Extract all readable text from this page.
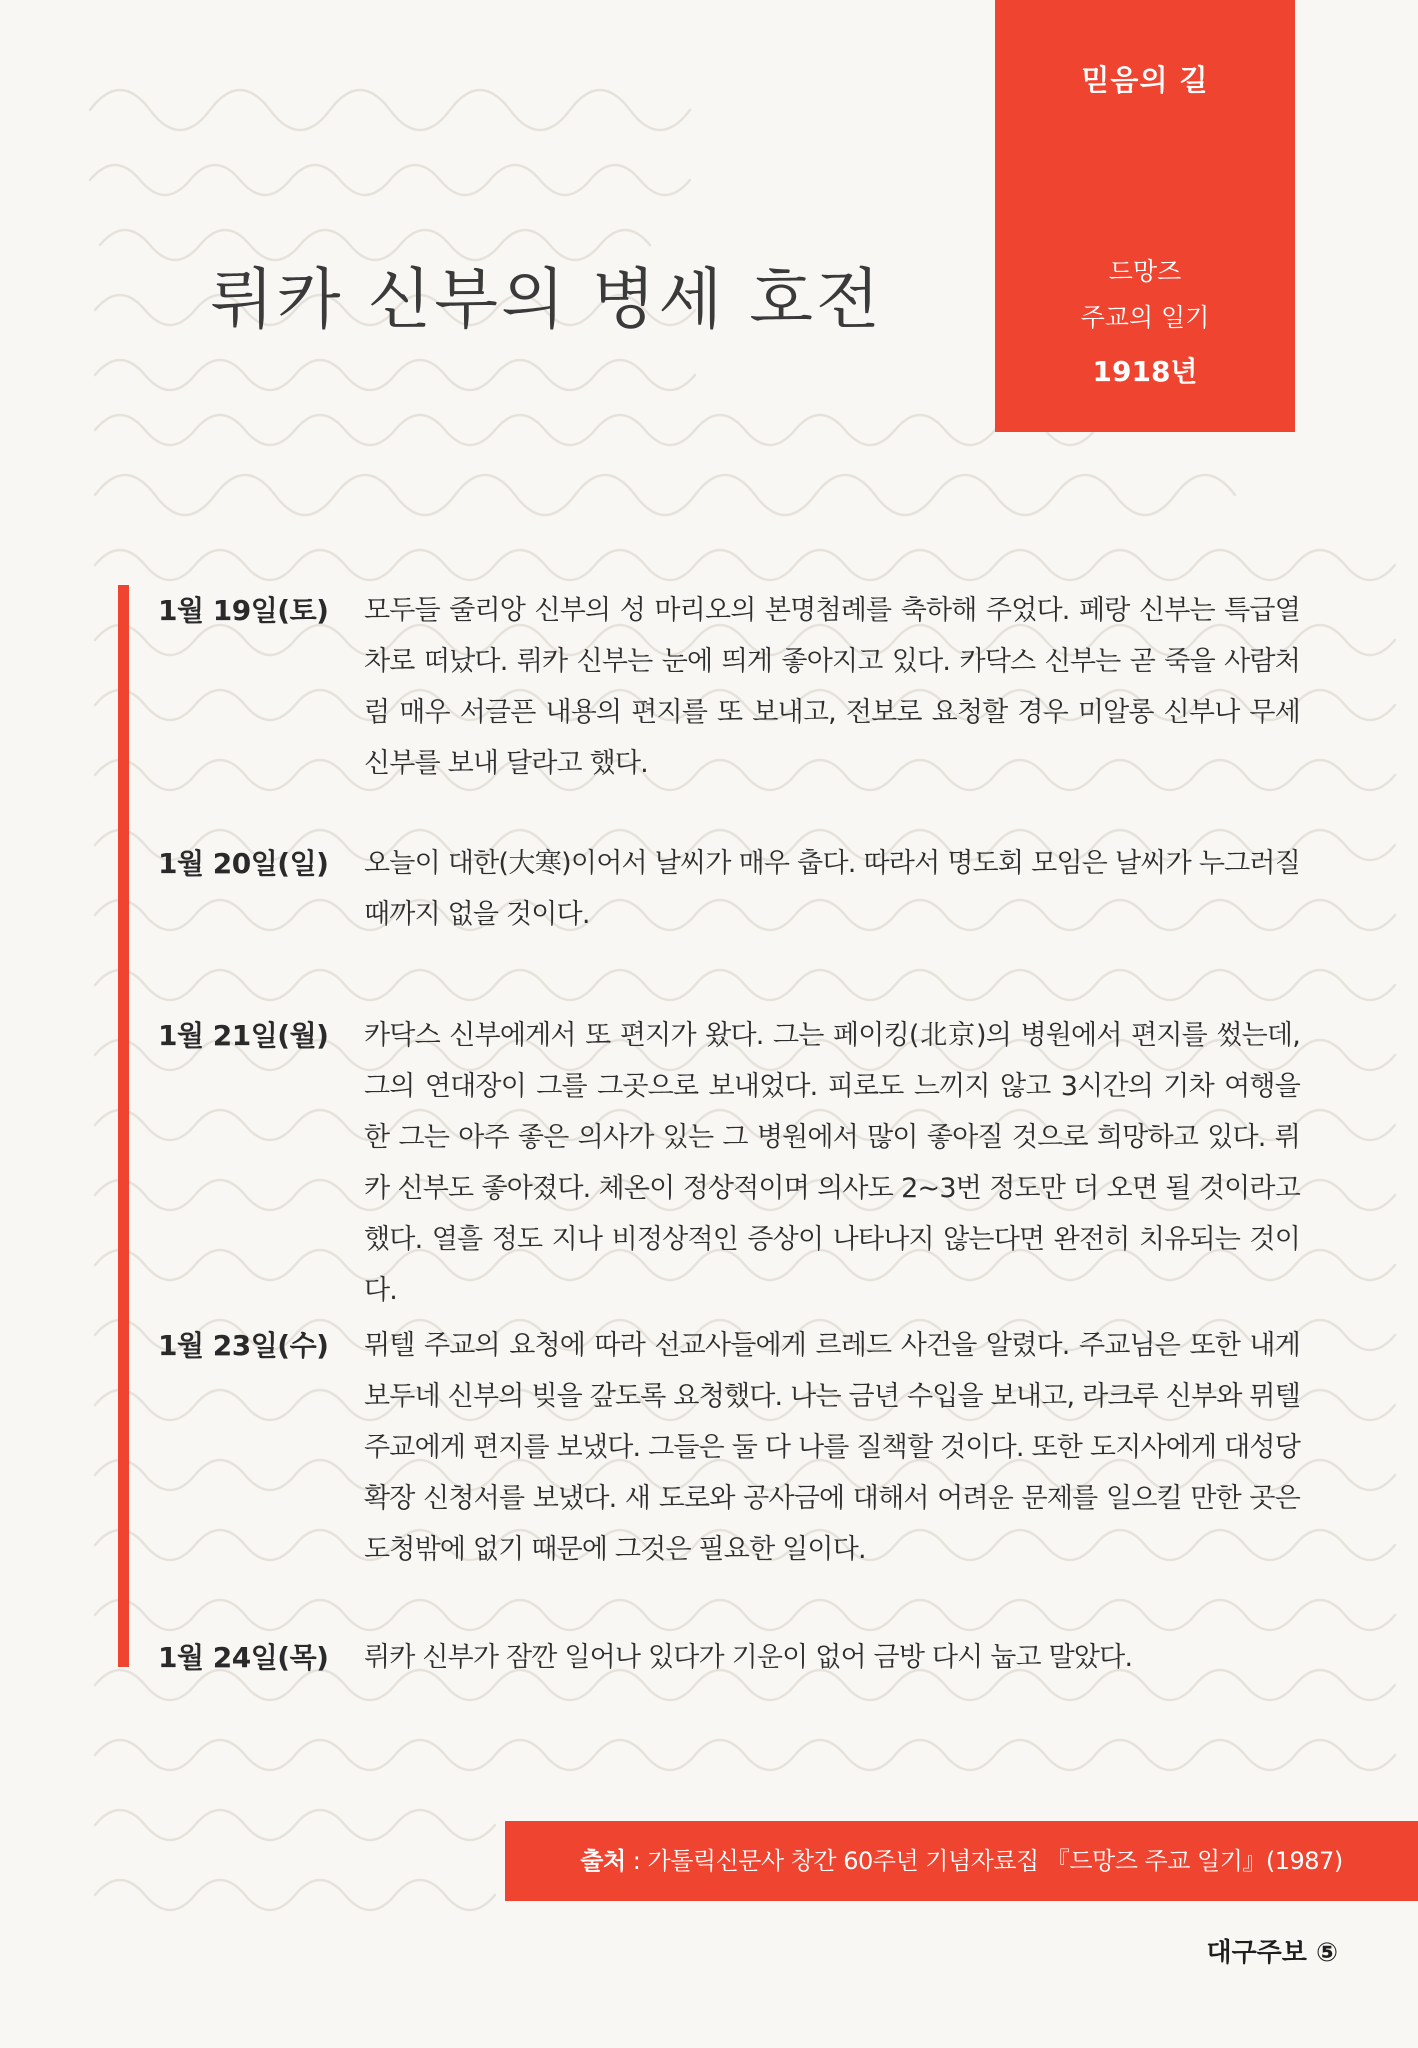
믿음의 길
드망즈
주교의 일기
1918년
뤼카 신부의 병세 호전
1월 19일(토)	모두들 줄리앙 신부의 성 마리오의 본명첨례를 축하해 주었다. 페랑 신부는 특급열차로 떠났다. 뤼카 신부는 눈에 띄게 좋아지고 있다. 카닥스 신부는 곧 죽을 사람처럼 매우 서글픈 내용의 편지를 또 보내고, 전보로 요청할 경우 미알롱 신부나 무세 신부를 보내 달라고 했다.
1월 20일(일)	오늘이 대한(大寒)이어서 날씨가 매우 춥다. 따라서 명도회 모임은 날씨가 누그러질 때까지 없을 것이다.
1월 21일(월)	카닥스 신부에게서 또 편지가 왔다. 그는 페이킹(北京)의 병원에서 편지를 썼는데, 그의 연대장이 그를 그곳으로 보내었다. 피로도 느끼지 않고 3시간의 기차 여행을 한 그는 아주 좋은 의사가 있는 그 병원에서 많이 좋아질 것으로 희망하고 있다. 뤼카 신부도 좋아졌다. 체온이 정상적이며 의사도 2~3번 정도만 더 오면 될 것이라고 했다. 열흘 정도 지나 비정상적인 증상이 나타나지 않는다면 완전히 치유되는 것이다.
1월 23일(수)	뮈텔 주교의 요청에 따라 선교사들에게 르레드 사건을 알렸다. 주교님은 또한 내게 보두네 신부의 빚을 갚도록 요청했다. 나는 금년 수입을 보내고, 라크루 신부와 뮈텔 주교에게 편지를 보냈다. 그들은 둘 다 나를 질책할 것이다. 또한 도지사에게 대성당 확장 신청서를 보냈다. 새 도로와 공사금에 대해서 어려운 문제를 일으킬 만한 곳은 도청밖에 없기 때문에 그것은 필요한 일이다.
1월 24일(목)	뤼카 신부가 잠깐 일어나 있다가 기운이 없어 금방 다시 눕고 말았다.
출처 : 가톨릭신문사 창간 60주년 기념자료집 『드망즈 주교 일기』(1987)
대구주보 ⑤
